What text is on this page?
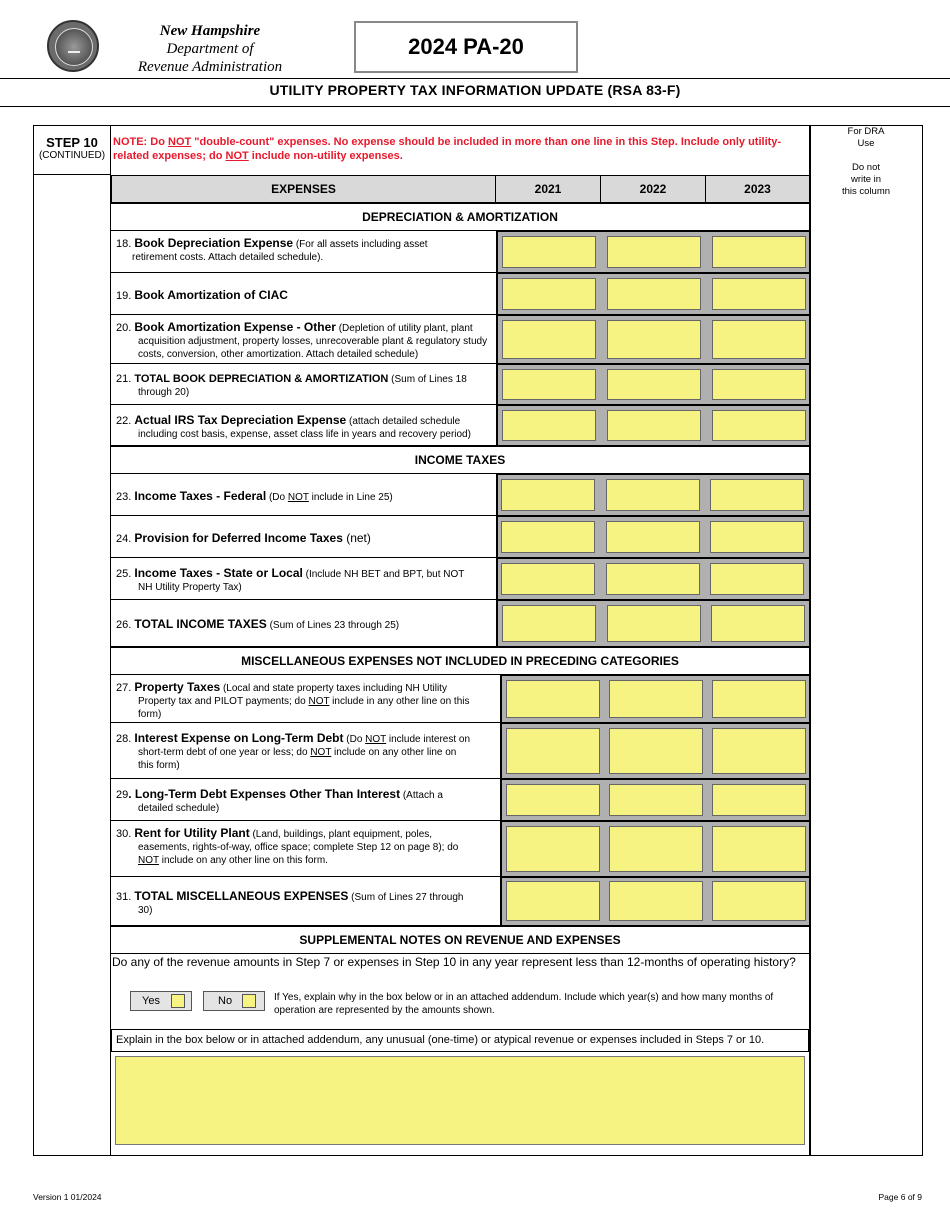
New Hampshire
Department of
Revenue Administration
2024 PA-20
UTILITY PROPERTY TAX INFORMATION UPDATE (RSA 83-F)
STEP 10
(CONTINUED)
NOTE: Do NOT "double-count" expenses. No expense should be included in more than one line in this Step. Include only utility-related expenses; do NOT include non-utility expenses.
For DRA
Use
Do not
write in
this column
EXPENSES	2021	2022	2023
DEPRECIATION & AMORTIZATION
18. Book Depreciation Expense (For all assets including asset
retirement costs. Attach detailed schedule).
19. Book Amortization of CIAC
20. Book Amortization Expense - Other (Depletion of utility plant, plant
acquisition adjustment, property losses, unrecoverable plant & regulatory study
costs, conversion, other amortization. Attach detailed schedule)
21. TOTAL BOOK DEPRECIATION & AMORTIZATION (Sum of Lines 18
through 20)
22. Actual IRS Tax Depreciation Expense (attach detailed schedule
including cost basis, expense, asset class life in years and recovery period)
INCOME TAXES
23. Income Taxes - Federal (Do NOT include in Line 25)
24. Provision for Deferred Income Taxes (net)
25. Income Taxes - State or Local (Include NH BET and BPT, but NOT
NH Utility Property Tax)
26. TOTAL INCOME TAXES (Sum of Lines 23 through 25)
MISCELLANEOUS EXPENSES NOT INCLUDED IN PRECEDING CATEGORIES
27. Property Taxes (Local and state property taxes including NH Utility
Property tax and PILOT payments; do NOT include in any other line on this
form)
28. Interest Expense on Long-Term Debt (Do NOT include interest on
short-term debt of one year or less; do NOT include on any other line on
this form)
29. Long-Term Debt Expenses Other Than Interest (Attach a
detailed schedule)
30. Rent for Utility Plant (Land, buildings, plant equipment, poles,
easements, rights-of-way, office space; complete Step 12 on page 8); do
NOT include on any other line on this form.
31. TOTAL MISCELLANEOUS EXPENSES (Sum of Lines 27 through
30)
SUPPLEMENTAL NOTES ON REVENUE AND EXPENSES
Do any of the revenue amounts in Step 7 or expenses in Step 10 in any year represent less than 12-months of operating history?
Yes	No	If Yes, explain why in the box below or in an attached addendum. Include which year(s) and how many months of operation are represented by the amounts shown.
Explain in the box below or in attached addendum, any unusual (one-time) or atypical revenue or expenses included in Steps 7 or 10.
Version 1 01/2024	Page 6 of 9
